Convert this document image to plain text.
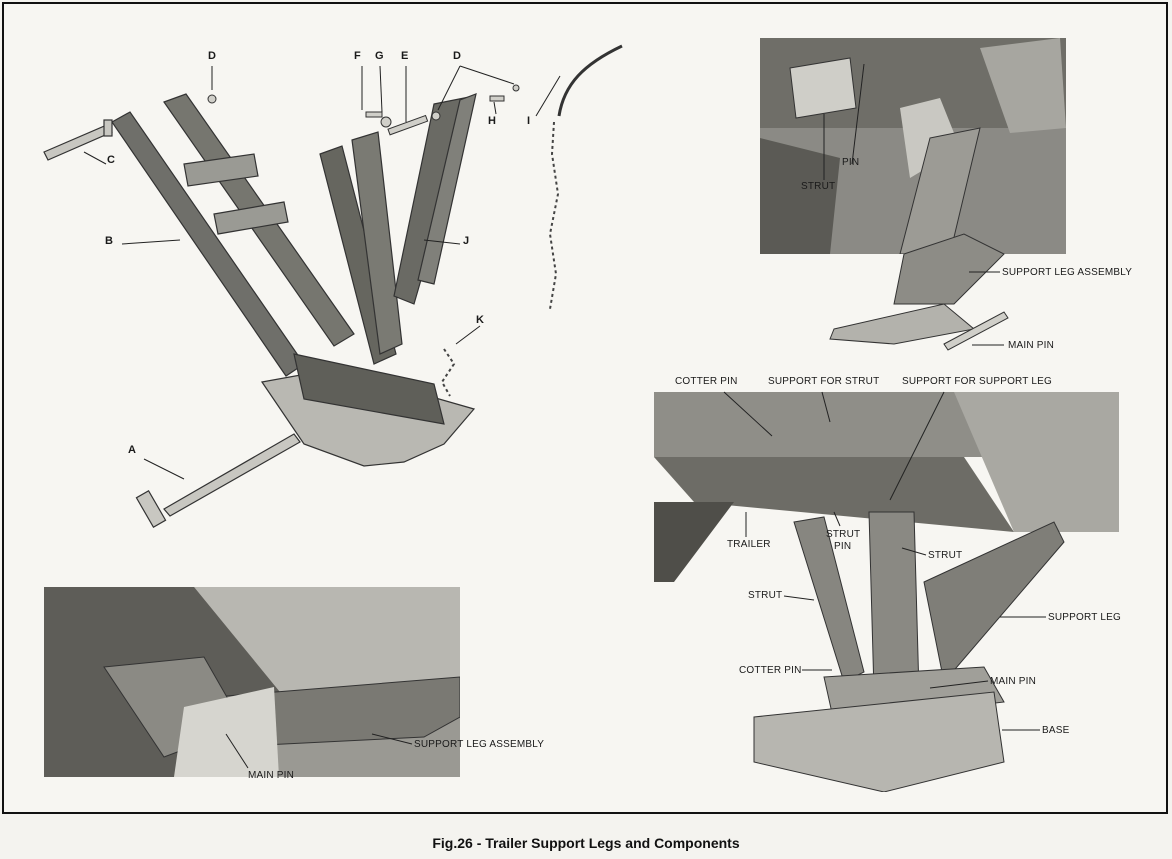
D	F G E	D
H	I
C
B	J
K
A
PIN
STRUT
SUPPORT LEG ASSEMBLY
MAIN PIN
SUPPORT LEG ASSEMBLY
MAIN PIN
COTTER PIN	SUPPORT FOR STRUT SUPPORT FOR SUPPORT LEG
TRAILER
STRUT
PIN
STRUT
STRUT
SUPPORT LEG
COTTER PIN
MAIN PIN
BASE
Fig.26 - Trailer Support Legs and Components
